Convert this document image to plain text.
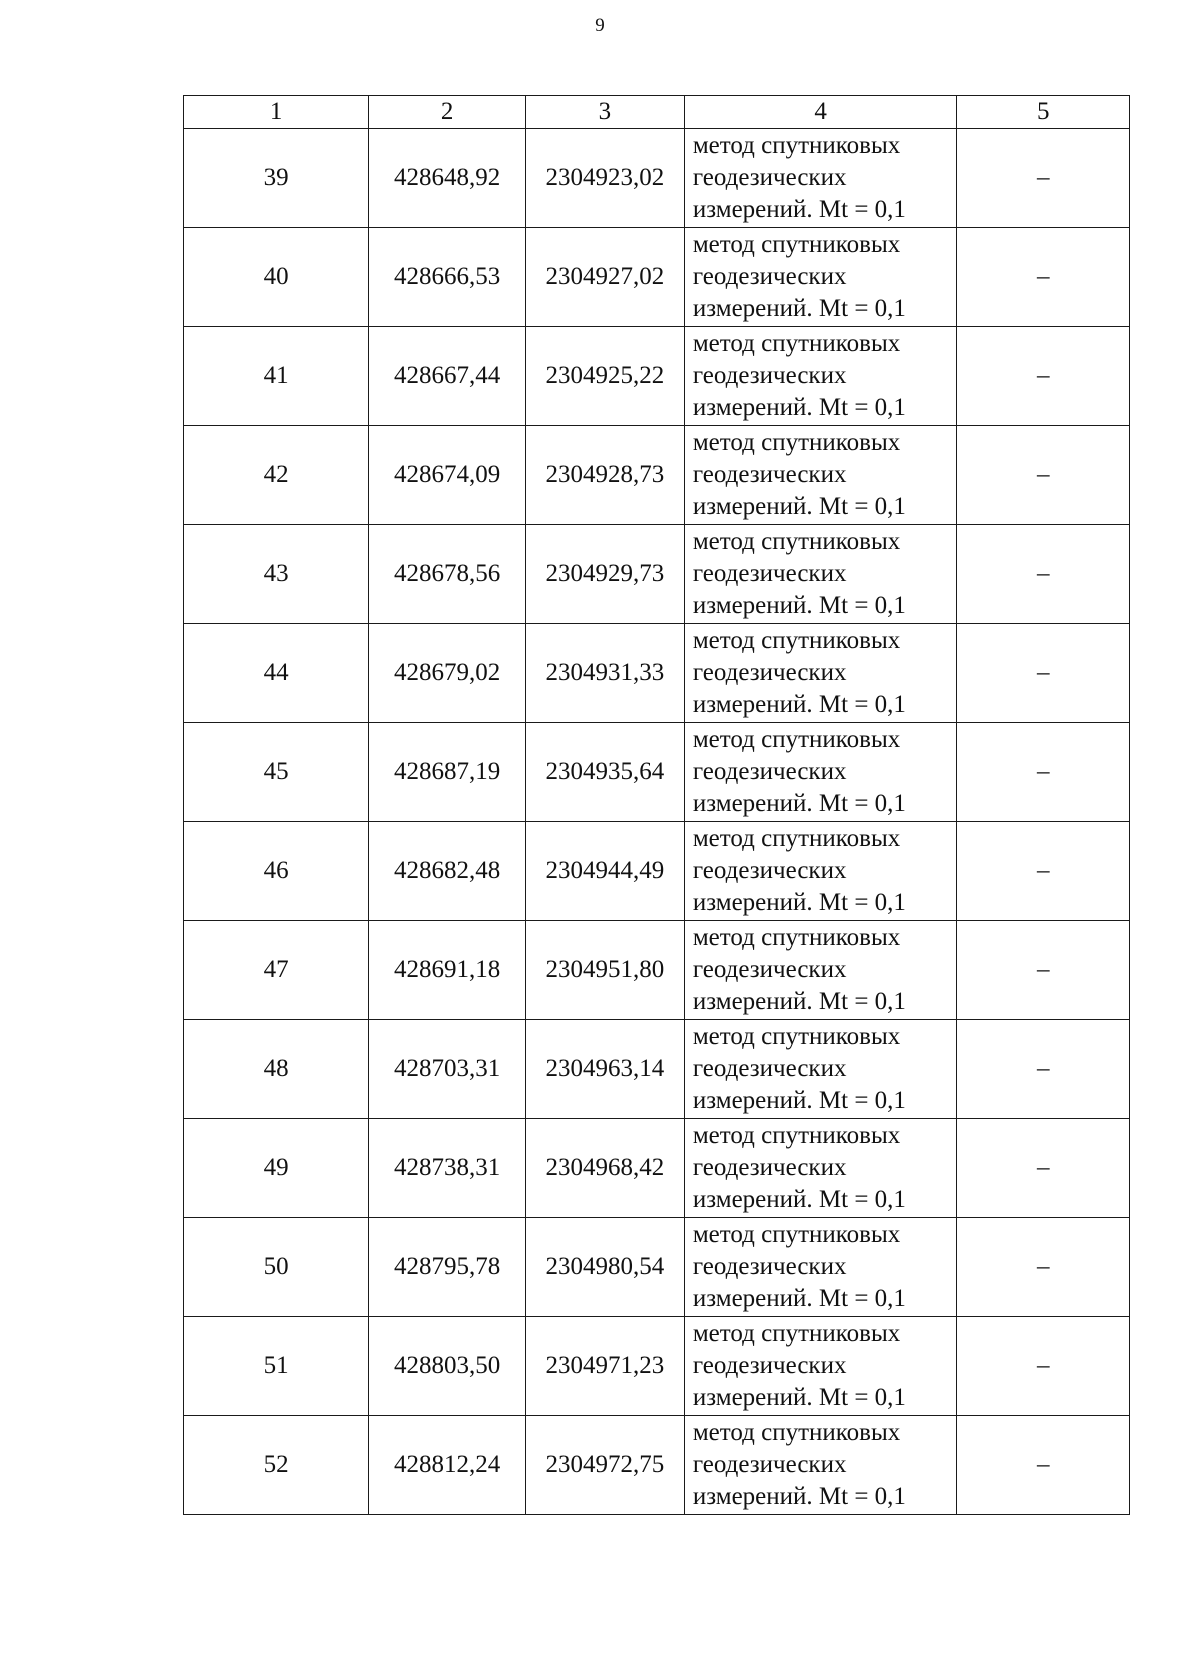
9
1	2	3	4	5
39	428648,92	2304923,02	метод спутниковых
геодезических
измерений. Mt = 0,1	–
40	428666,53	2304927,02	метод спутниковых
геодезических
измерений. Mt = 0,1	–
41	428667,44	2304925,22	метод спутниковых
геодезических
измерений. Mt = 0,1	–
42	428674,09	2304928,73	метод спутниковых
геодезических
измерений. Mt = 0,1	–
43	428678,56	2304929,73	метод спутниковых
геодезических
измерений. Mt = 0,1	–
44	428679,02	2304931,33	метод спутниковых
геодезических
измерений. Mt = 0,1	–
45	428687,19	2304935,64	метод спутниковых
геодезических
измерений. Mt = 0,1	–
46	428682,48	2304944,49	метод спутниковых
геодезических
измерений. Mt = 0,1	–
47	428691,18	2304951,80	метод спутниковых
геодезических
измерений. Mt = 0,1	–
48	428703,31	2304963,14	метод спутниковых
геодезических
измерений. Mt = 0,1	–
49	428738,31	2304968,42	метод спутниковых
геодезических
измерений. Mt = 0,1	–
50	428795,78	2304980,54	метод спутниковых
геодезических
измерений. Mt = 0,1	–
51	428803,50	2304971,23	метод спутниковых
геодезических
измерений. Mt = 0,1	–
52	428812,24	2304972,75	метод спутниковых
геодезических
измерений. Mt = 0,1	–
